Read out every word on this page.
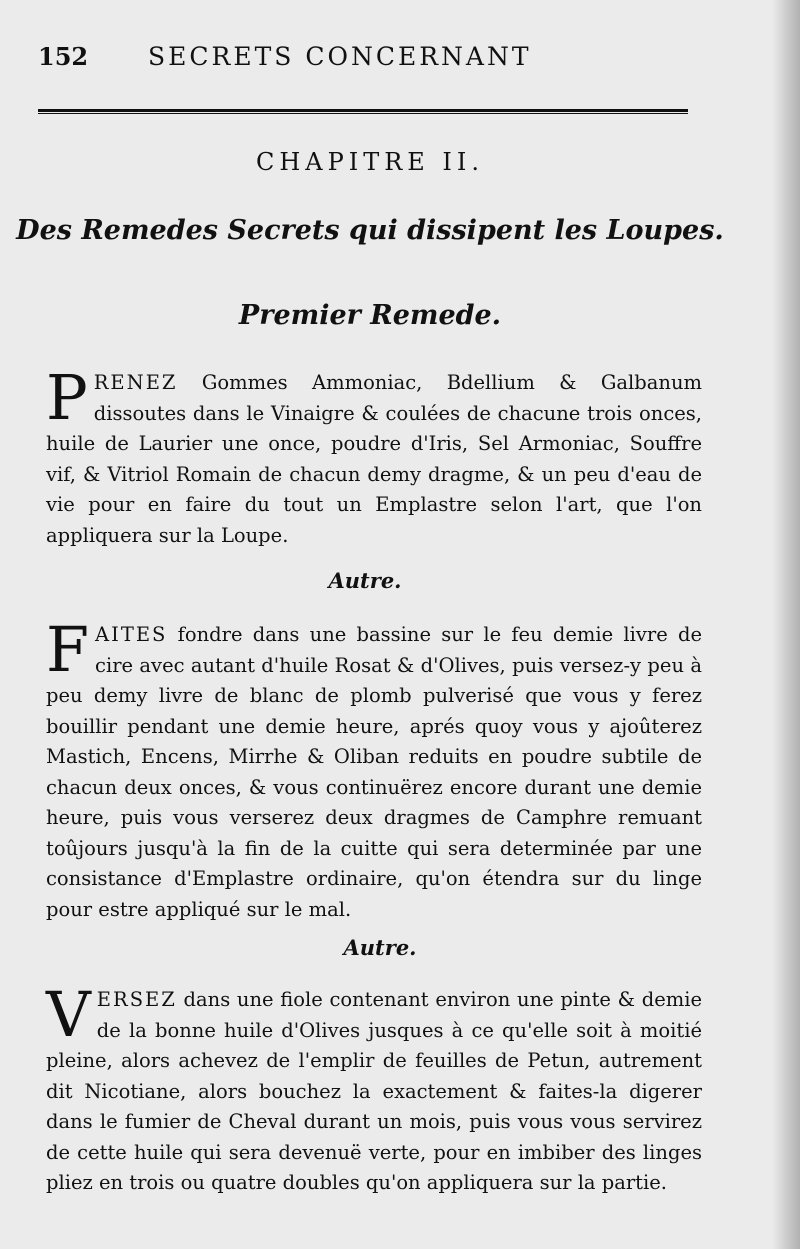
152 SECRETS CONCERNANT
CHAPITRE II.
Des Remedes Secrets qui dissipent les Loupes.
Premier Remede.
PRENEZ Gommes Ammoniac, Bdellium & Galbanum dissoutes dans le Vinaigre & coulées de chacune trois onces, huile de Laurier une once, poudre d'Iris, Sel Armoniac, Souffre vif, & Vitriol Romain de chacun demy dragme, & un peu d'eau de vie pour en faire du tout un Emplastre selon l'art, que l'on appliquera sur la Loupe.
Autre.
FAITES fondre dans une bassine sur le feu demie livre de cire avec autant d'huile Rosat & d'Olives, puis versez-y peu à peu demy livre de blanc de plomb pulverisé que vous y ferez bouillir pendant une demie heure, aprés quoy vous y ajoûterez Mastich, Encens, Mirrhe & Oliban reduits en poudre subtile de chacun deux onces, & vous continuërez encore durant une demie heure, puis vous verserez deux dragmes de Camphre remuant toûjours jusqu'à la fin de la cuitte qui sera determinée par une consistance d'Emplastre ordinaire, qu'on étendra sur du linge pour estre appliqué sur le mal.
Autre.
VERSEZ dans une fiole contenant environ une pinte & demie de la bonne huile d'Olives jusques à ce qu'elle soit à moitié pleine, alors achevez de l'emplir de feuilles de Petun, autrement dit Nicotiane, alors bouchez la exactement & faites-la digerer dans le fumier de Cheval durant un mois, puis vous vous servirez de cette huile qui sera devenuë verte, pour en imbiber des linges pliez en trois ou quatre doubles qu'on appliquera sur la partie.
